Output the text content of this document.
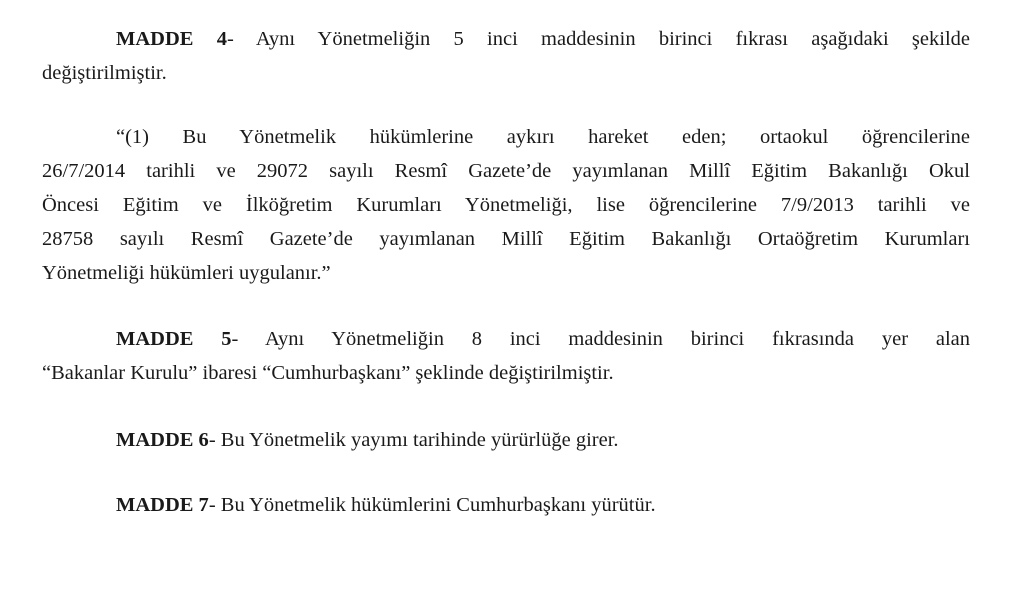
MADDE 4- Aynı Yönetmeliğin 5 inci maddesinin birinci fıkrası aşağıdaki şekilde
değiştirilmiştir.
“(1) Bu Yönetmelik hükümlerine aykırı hareket eden; ortaokul öğrencilerine
26/7/2014 tarihli ve 29072 sayılı Resmî Gazete’de yayımlanan Millî Eğitim Bakanlığı Okul
Öncesi Eğitim ve İlköğretim Kurumları Yönetmeliği, lise öğrencilerine 7/9/2013 tarihli ve
28758 sayılı Resmî Gazete’de yayımlanan Millî Eğitim Bakanlığı Ortaöğretim Kurumları
Yönetmeliği hükümleri uygulanır.”
MADDE 5- Aynı Yönetmeliğin 8 inci maddesinin birinci fıkrasında yer alan
“Bakanlar Kurulu” ibaresi “Cumhurbaşkanı” şeklinde değiştirilmiştir.
MADDE 6- Bu Yönetmelik yayımı tarihinde yürürlüğe girer.
MADDE 7- Bu Yönetmelik hükümlerini Cumhurbaşkanı yürütür.
